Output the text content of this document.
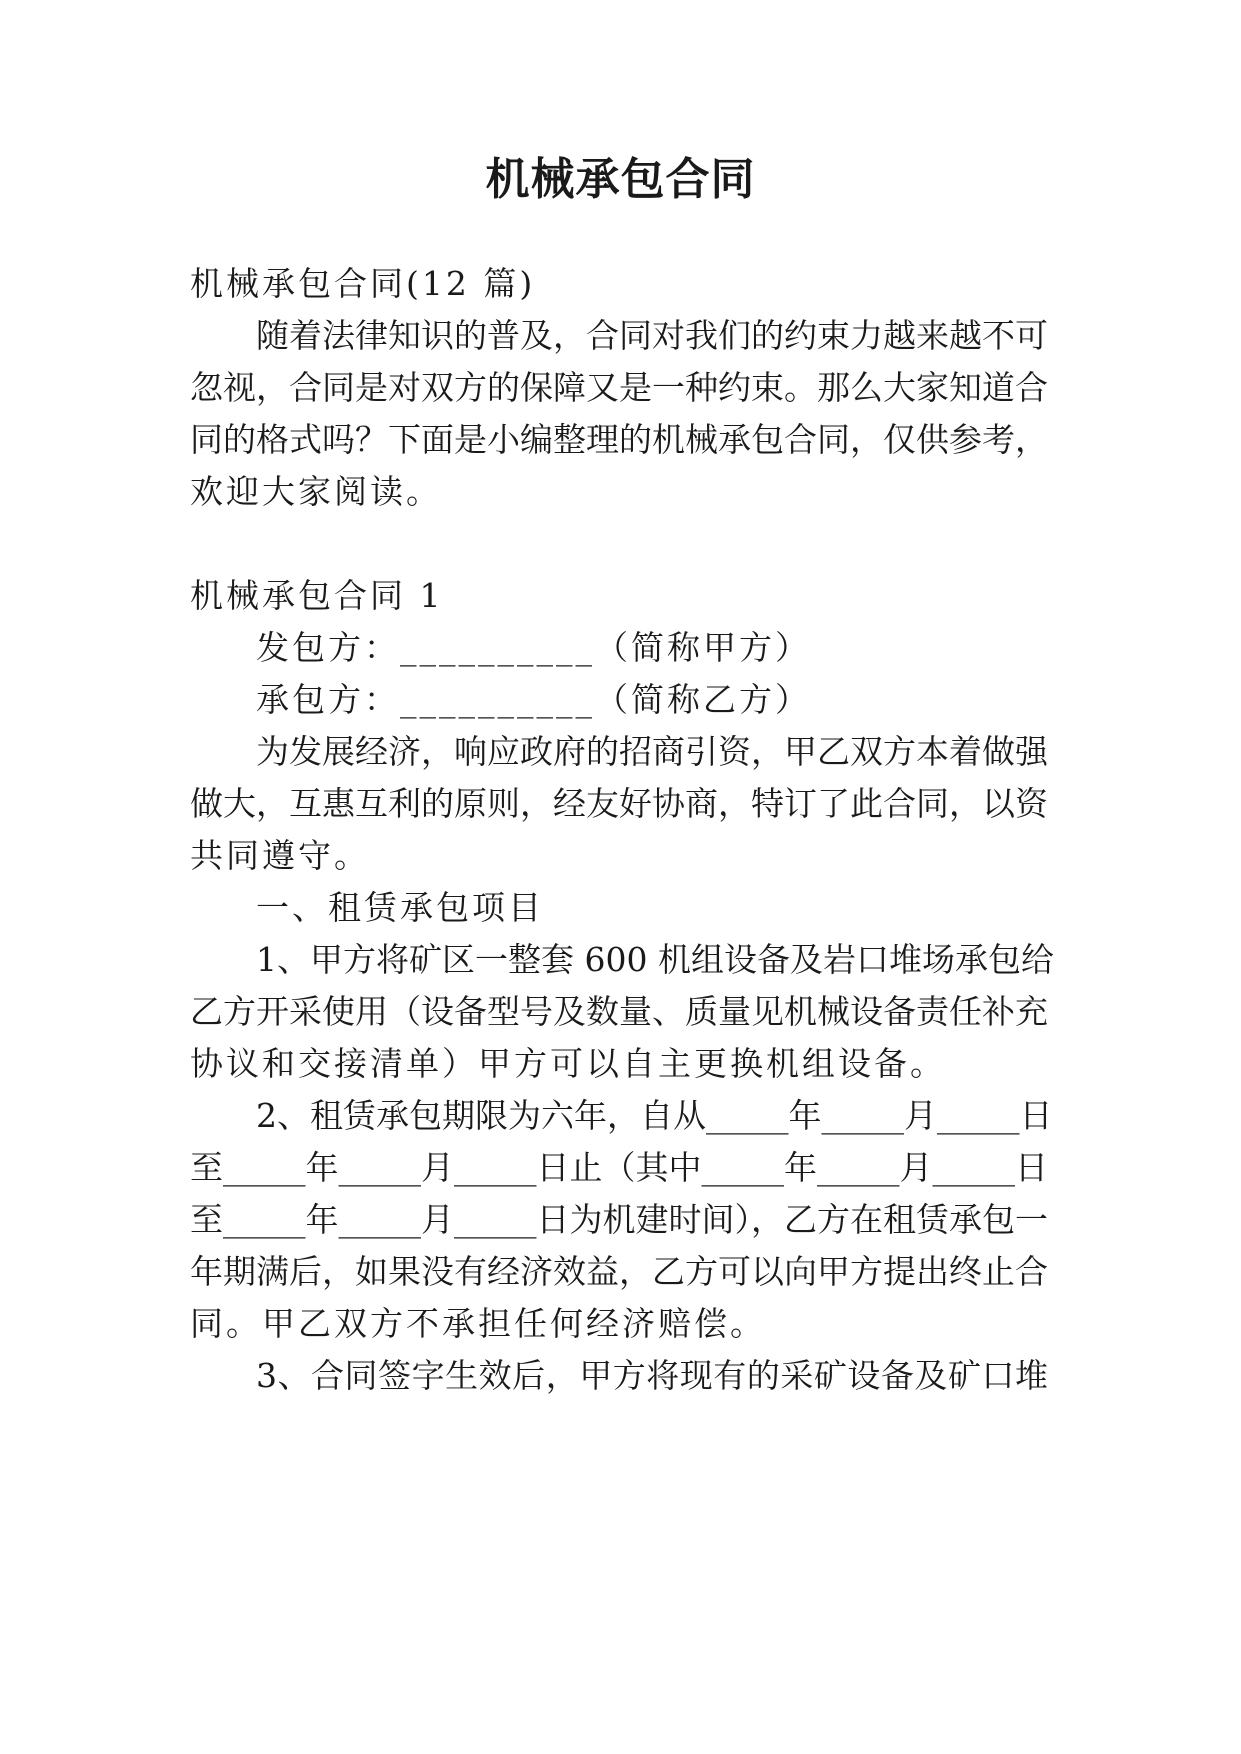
机械承包合同
机械承包合同(12 篇)
随着法律知识的普及，合同对我们的约束力越来越不可
忽视，合同是对双方的保障又是一种约束。那么大家知道合
同的格式吗？下面是小编整理的机械承包合同，仅供参考，
欢迎大家阅读。
机械承包合同 1
发包方：__________（简称甲方）
承包方：__________（简称乙方）
为发展经济，响应政府的招商引资，甲乙双方本着做强
做大，互惠互利的原则，经友好协商，特订了此合同，以资
共同遵守。
一、租赁承包项目
1、甲方将矿区一整套 600 机组设备及岩口堆场承包给
乙方开采使用（设备型号及数量、质量见机械设备责任补充
协议和交接清单）甲方可以自主更换机组设备。
2、租赁承包期限为六年，自从_____年_____月_____日
至_____年_____月_____日止（其中_____年_____月_____日
至_____年_____月_____日为机建时间），乙方在租赁承包一
年期满后，如果没有经济效益，乙方可以向甲方提出终止合
同。甲乙双方不承担任何经济赔偿。
3、合同签字生效后，甲方将现有的采矿设备及矿口堆
